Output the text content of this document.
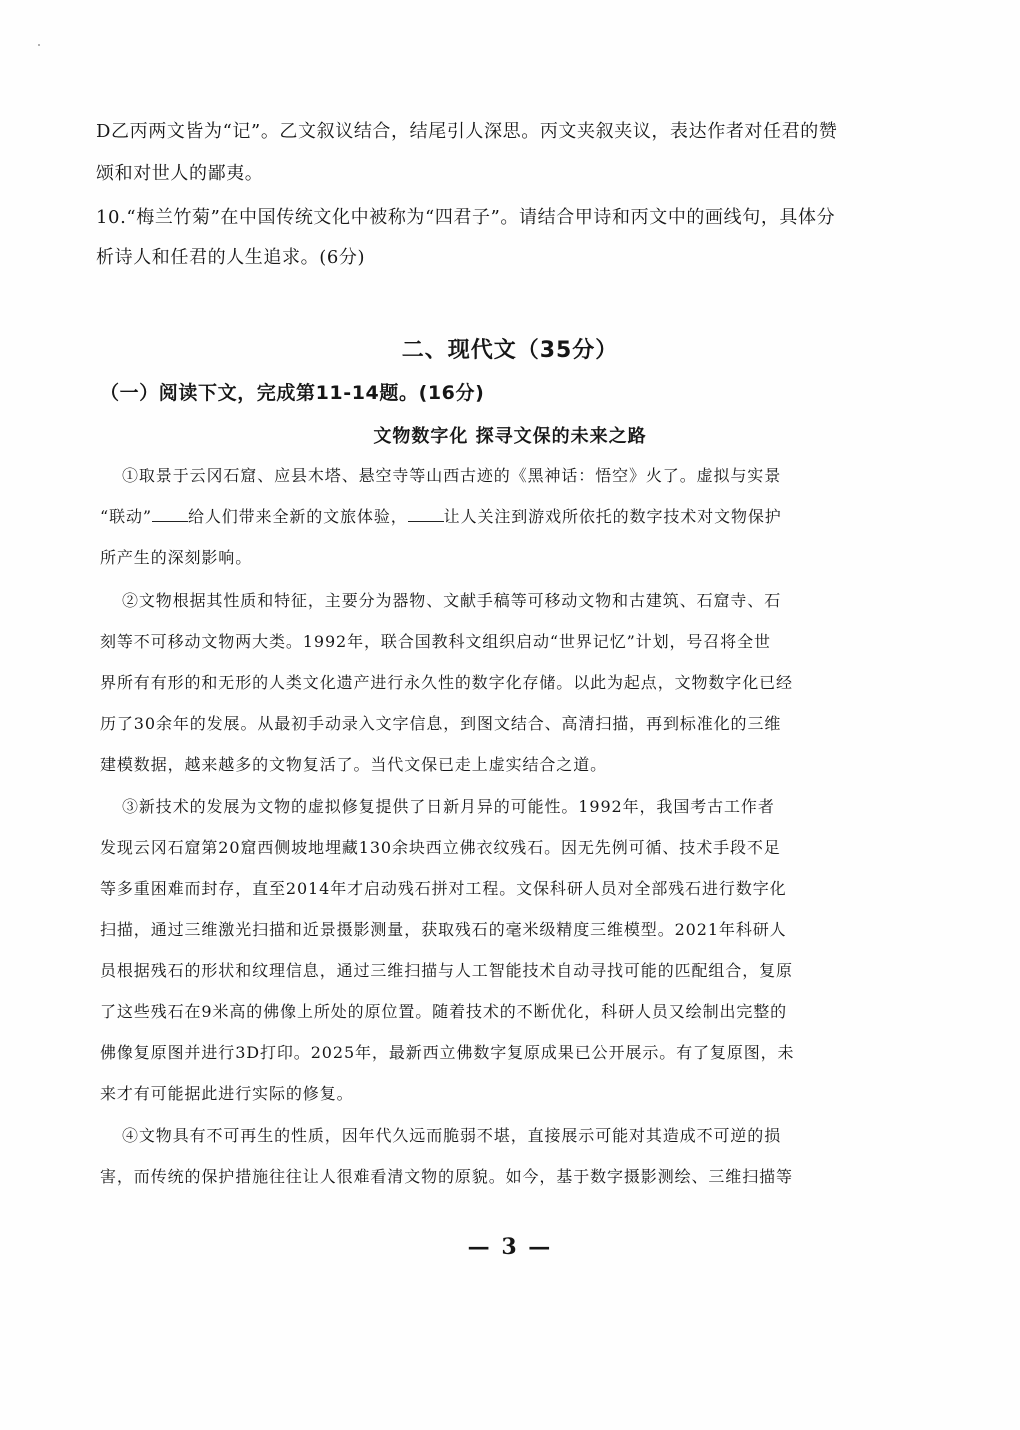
D乙丙两文皆为“记”。乙文叙议结合，结尾引人深思。丙文夹叙夹议，表达作者对任君的赞
颂和对世人的鄙夷。
10.“梅兰竹菊”在中国传统文化中被称为“四君子”。请结合甲诗和丙文中的画线句，具体分
析诗人和任君的人生追求。(6分)
二、现代文（35分）
（一）阅读下文，完成第11-14题。(16分)
文物数字化 探寻文保的未来之路
①取景于云冈石窟、应县木塔、悬空寺等山西古迹的《黑神话：悟空》火了。虚拟与实景
“联动” 给人们带来全新的文旅体验， 让人关注到游戏所依托的数字技术对文物保护
所产生的深刻影响。
②文物根据其性质和特征，主要分为器物、文献手稿等可移动文物和古建筑、石窟寺、石
刻等不可移动文物两大类。1992年，联合国教科文组织启动“世界记忆”计划，号召将全世
界所有有形的和无形的人类文化遗产进行永久性的数字化存储。以此为起点，文物数字化已经
历了30余年的发展。从最初手动录入文字信息，到图文结合、高清扫描，再到标准化的三维
建模数据，越来越多的文物复活了。当代文保已走上虚实结合之道。
③新技术的发展为文物的虚拟修复提供了日新月异的可能性。1992年，我国考古工作者
发现云冈石窟第20窟西侧坡地埋藏130余块西立佛衣纹残石。因无先例可循、技术手段不足
等多重困难而封存，直至2014年才启动残石拼对工程。文保科研人员对全部残石进行数字化
扫描，通过三维激光扫描和近景摄影测量，获取残石的毫米级精度三维模型。2021年科研人
员根据残石的形状和纹理信息，通过三维扫描与人工智能技术自动寻找可能的匹配组合，复原
了这些残石在9米高的佛像上所处的原位置。随着技术的不断优化，科研人员又绘制出完整的
佛像复原图并进行3D打印。2025年，最新西立佛数字复原成果已公开展示。有了复原图，未
来才有可能据此进行实际的修复。
④文物具有不可再生的性质，因年代久远而脆弱不堪，直接展示可能对其造成不可逆的损
害，而传统的保护措施往往让人很难看清文物的原貌。如今，基于数字摄影测绘、三维扫描等
— 3 —
